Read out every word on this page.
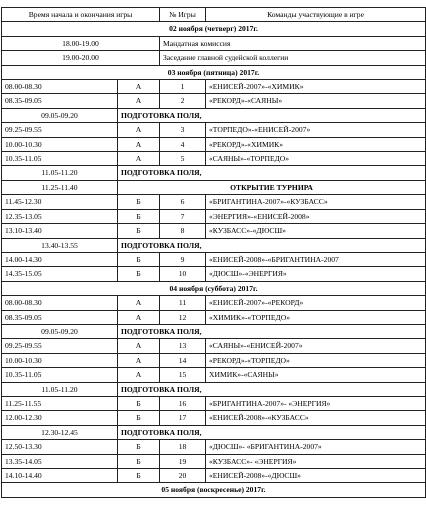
Время начала и окончания игры		№ Игры	Команды участвующие в игре
02 ноября (четверг) 2017г.			
18.00-19.00		Мандатная комиссия	
19.00-20.00		Заседание главной судейской коллегии	
03 ноября (пятница) 2017г.			
08.00-08.30	А	1	«ЕНИСЕЙ-2007»-«ХИМИК»
08.35-09.05	А	2	«РЕКОРД»-«САЯНЫ»
09.05-09.20	ПОДГОТОВКА ПОЛЯ,		
09.25-09.55	А	3	«ТОРПЕДО»-«ЕНИСЕЙ-2007»
10.00-10.30	А	4	«РЕКОРД»-«ХИМИК»
10.35-11.05	А	5	«САЯНЫ»-«ТОРПЕДО»
11.05-11.20	ПОДГОТОВКА ПОЛЯ,		
11.25-11.40	ОТКРЫТИЕ ТУРНИРА		
11.45-12.30	Б	6	«БРИГАНТИНА-2007»-«КУЗБАСС»
12.35-13.05	Б	7	«ЭНЕРГИЯ»-«ЕНИСЕЙ-2008»
13.10-13.40	Б	8	«КУЗБАСС»-«ДЮСШ»
13.40-13.55	ПОДГОТОВКА ПОЛЯ,		
14.00-14.30	Б	9	«ЕНИСЕЙ-2008»-«БРИГАНТИНА-2007
14.35-15.05	Б	10	«ДЮСШ»-«ЭНЕРГИЯ»
04 ноября (суббота) 2017г.			
08.00-08.30	А	11	«ЕНИСЕЙ-2007»-«РЕКОРД»
08.35-09.05	А	12	«ХИМИК»-«ТОРПЕДО»
09.05-09.20	ПОДГОТОВКА ПОЛЯ,		
09.25-09.55	А	13	«САЯНЫ»-«ЕНИСЕЙ-2007»
10.00-10.30	А	14	«РЕКОРД»-«ТОРПЕДО»
10.35-11.05	А	15	ХИМИК»-«САЯНЫ»
11.05-11.20	ПОДГОТОВКА ПОЛЯ,		
11.25-11.55	Б	16	«БРИГАНТИНА-2007»- «ЭНЕРГИЯ»
12.00-12.30	Б	17	«ЕНИСЕЙ-2008»-«КУЗБАСС»
12.30-12.45	ПОДГОТОВКА ПОЛЯ,		
12.50-13.30	Б	18	«ДЮСШ»- «БРИГАНТИНА-2007»
13.35-14.05	Б	19	«КУЗБАСС»- «ЭНЕРГИЯ»
14.10-14.40	Б	20	«ЕНИСЕЙ-2008»-«ДЮСШ»
05 ноября (воскресенье) 2017г.			
